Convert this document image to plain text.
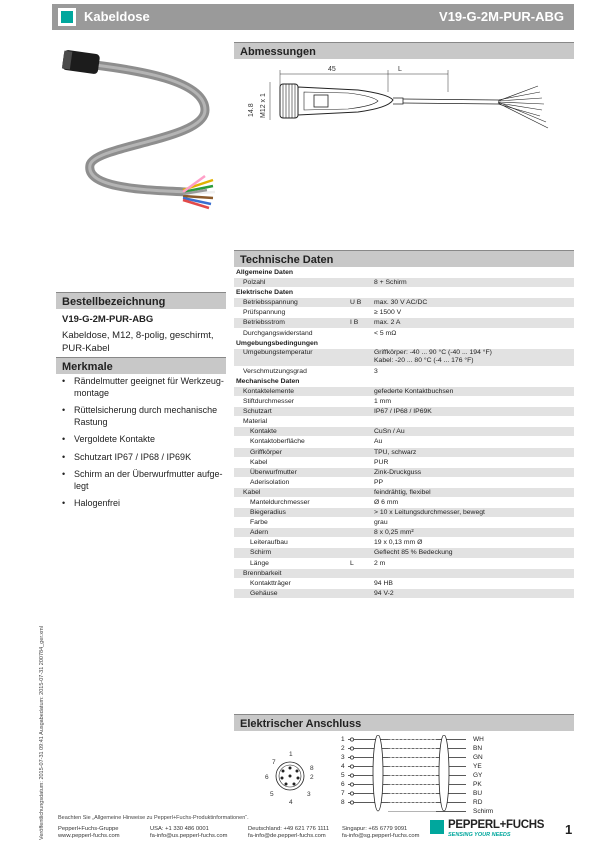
Kabeldose	V19-G-2M-PUR-ABG
Abmessungen
45	L
14.8 M12 x 1
Bestellbezeichnung
V19-G-2M-PUR-ABG
Kabeldose, M12, 8-polig, geschirmt,
PUR-Kabel
Merkmale
• Rändelmutter geeignet für Werkzeug-montage
• Rüttelsicherung durch mechanische Rastung
• Vergoldete Kontakte
• Schutzart IP67 / IP68 / IP69K
• Schirm an der Überwurfmutter aufge-legt
• Halogenfrei
Technische Daten
Allgemeine Daten
Polzahl	8 + Schirm
Elektrische Daten
Betriebsspannung	U B max. 30 V AC/DC
Prüfspannung	≥ 1500 V
Betriebsstrom	I B max. 2 A
Durchgangswiderstand	< 5 mΩ
Umgebungsbedingungen
Umgebungstemperatur	Griffkörper: -40 ... 90 °C (-40 ... 194 °F)
Kabel: -20 ... 80 °C (-4 ... 176 °F)
Verschmutzungsgrad	3
Mechanische Daten
Kontaktelemente	gefederte Kontaktbuchsen
Stiftdurchmesser	1 mm
Schutzart	IP67 / IP68 / IP69K
Material
Kontakte	CuSn / Au
Kontaktoberfläche	Au
Griffkörper	TPU, schwarz
Kabel	PUR
Überwurfmutter	Zink-Druckguss
Aderisolation	PP
Kabel	feindrähtig, flexibel
Manteldurchmesser	Ø 6 mm
Biegeradius	> 10 x Leitungsdurchmesser, bewegt
Farbe	grau
Adern	8 x 0,25 mm²
Leiteraufbau	19 x 0,13 mm Ø
Schirm	Geflecht 85 % Bedeckung
Länge	L	2 m
Brennbarkeit
Kontaktträger	94 HB
Gehäuse	94 V-2
Elektrischer Anschluss
1
2
3
4
5
6
7
8
1
2
3
4
5
6
7
8
WH
BN
GN
YE
GY
PK
BU
RD
Schirm
Veröffentlichungsdatum: 2015-07-31 09:41 Ausgabedatum: 2015-07-31 200784_ger.xml Beachten Sie „Allgemeine Hinweise zu Pepperl+Fuchs-Produktinformationen“.
Pepperl+Fuchs-Gruppe
www.pepperl-fuchs.com
USA: +1 330 486 0001
fa-info@us.pepperl-fuchs.com
Deutschland: +49 621 776 1111
fa-info@de.pepperl-fuchs.com
Singapur: +65 6779 9091
fa-info@sg.pepperl-fuchs.com
PEPPERL+FUCHS
SENSING YOUR NEEDS	1
